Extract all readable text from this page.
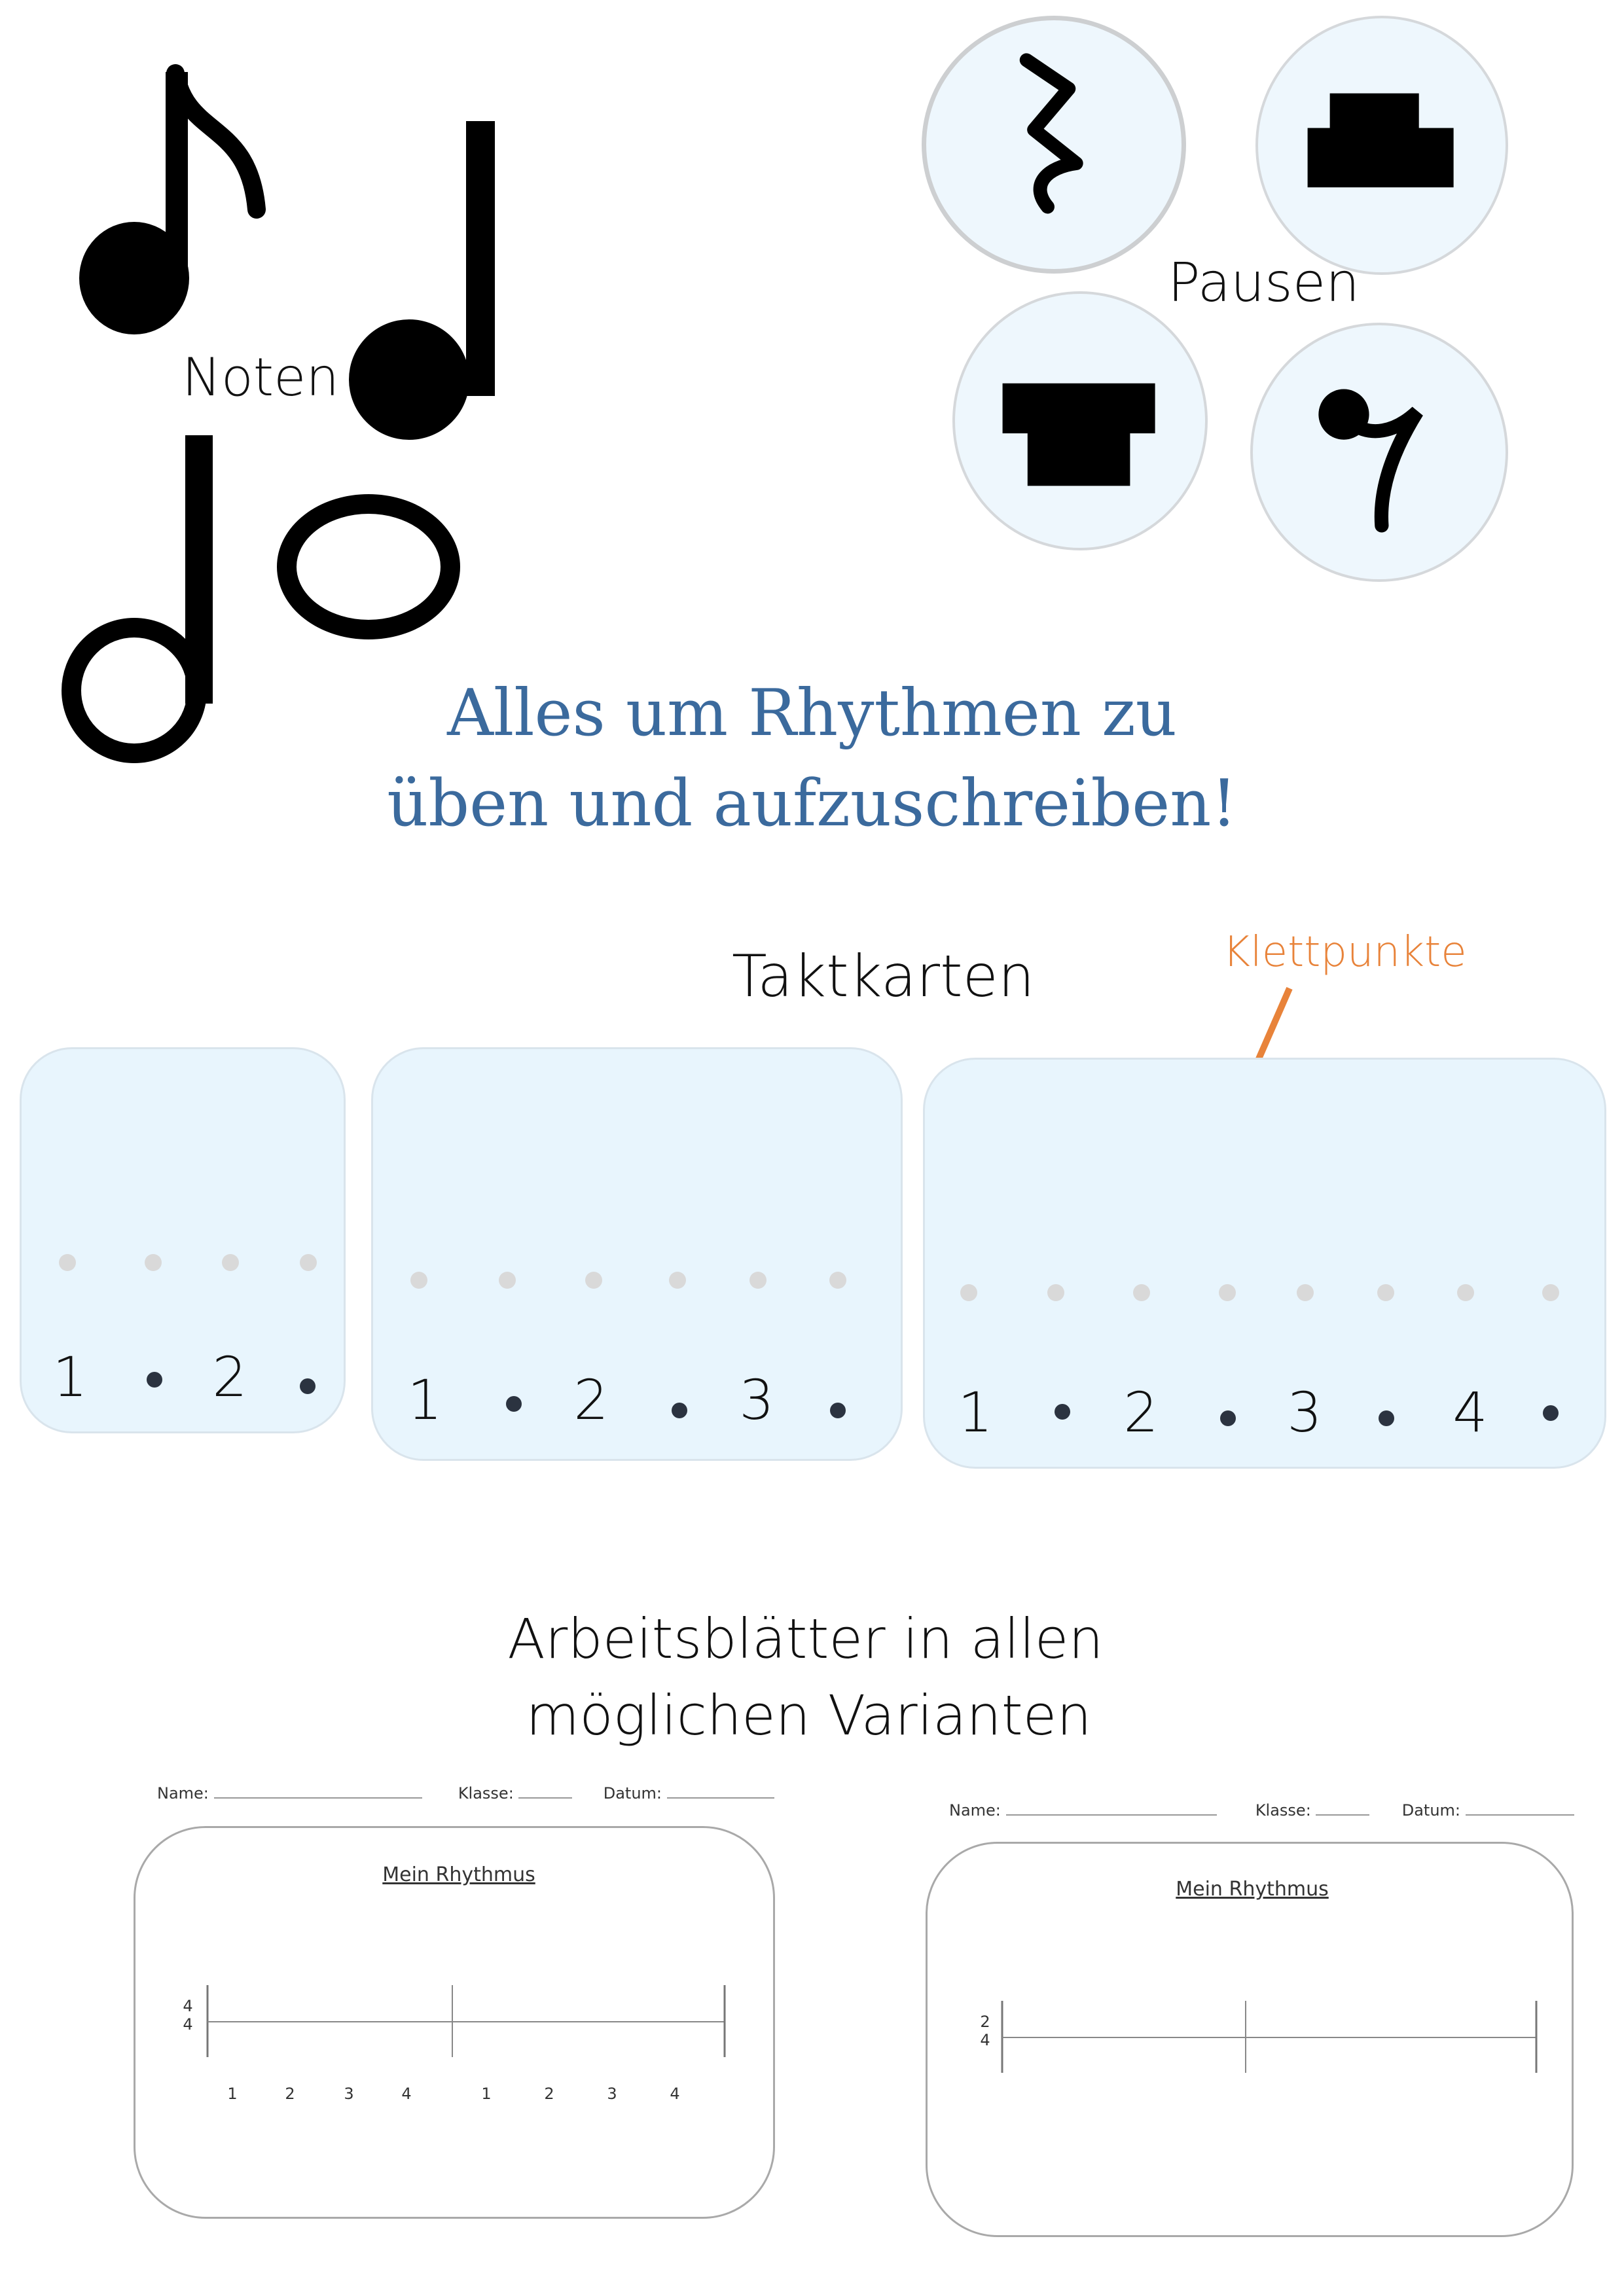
Noten
Pausen
Alles um Rhythmen zu
üben und aufzuschreiben!
Taktkarten	Klettpunkte
1 2	1 2 3	1 2 3 4
Arbeitsblätter in allen
möglichen Varianten
Name:	Klasse:	Datum:
Mein Rhythmus
4
4
1	2	3	4	1	2	3	4
Name:	Klasse:	Datum:
Mein Rhythmus
2
4
